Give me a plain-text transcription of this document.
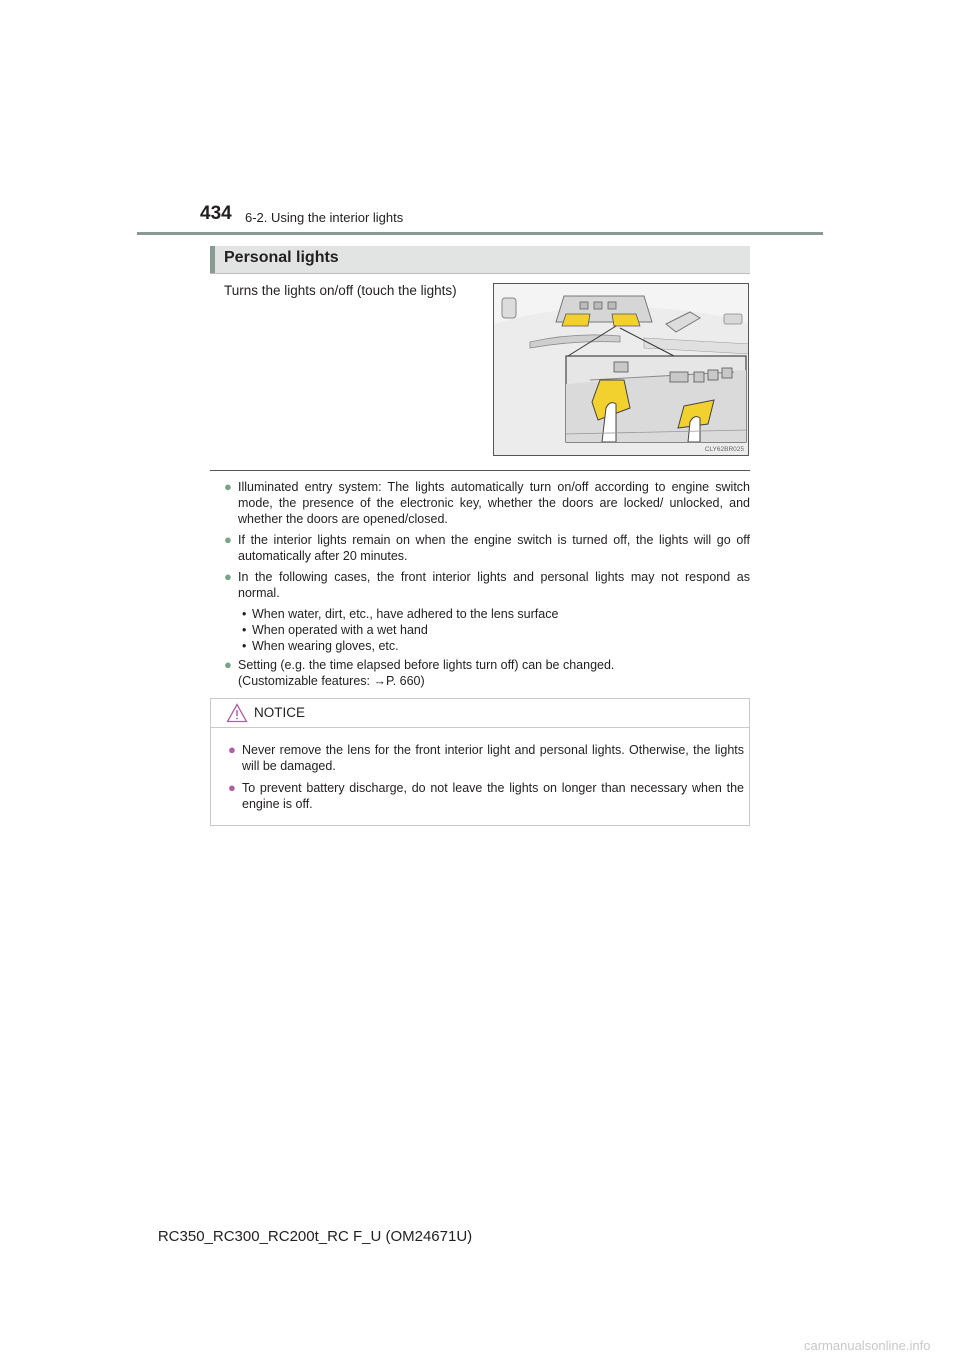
434 6-2. Using the interior lights
Personal lights
Turns the lights on/off (touch the lights)
CLY62BR025
● Illuminated entry system: The lights automatically turn on/off according to engine switch mode, the presence of the electronic key, whether the doors are locked/ unlocked, and whether the doors are opened/closed.
● If the interior lights remain on when the engine switch is turned off, the lights will go off automatically after 20 minutes.
● In the following cases, the front interior lights and personal lights may not respond as normal.
• When water, dirt, etc., have adhered to the lens surface
• When operated with a wet hand
• When wearing gloves, etc.
● Setting (e.g. the time elapsed before lights turn off) can be changed.
(Customizable features: →P. 660)
NOTICE
● Never remove the lens for the front interior light and personal lights. Otherwise, the lights will be damaged.
● To prevent battery discharge, do not leave the lights on longer than necessary when the engine is off.
RC350_RC300_RC200t_RC F_U (OM24671U)
carmanualsonline.info
